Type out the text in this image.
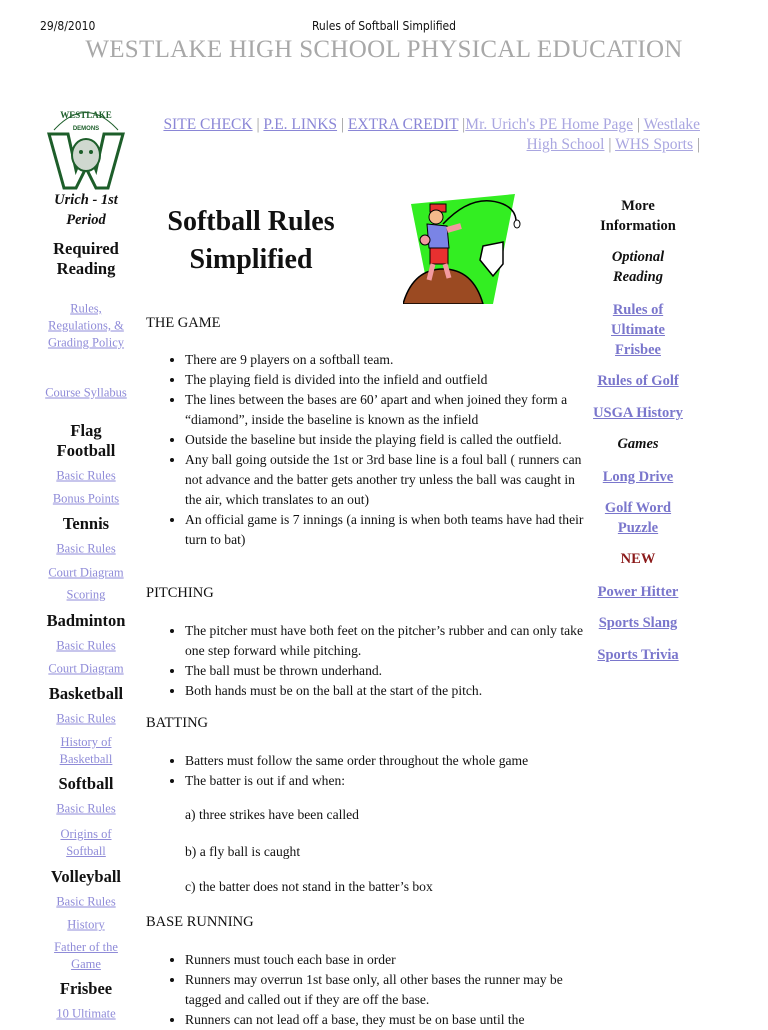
29/8/2010	Rules of Softball Simplified
WESTLAKE HIGH SCHOOL PHYSICAL EDUCATION
WESTLAKE
DEMONS	SITE CHECK | P.E. LINKS | EXTRA CREDIT |Mr. Urich's PE Home Page | Westlake High School | WHS Sports |
Urich - 1st Period
Required Reading
Rules, Regulations, & Grading Policy
Course Syllabus
Flag Football
Basic Rules
Bonus Points
Tennis
Basic Rules
Court Diagram
Scoring
Badminton
Basic Rules
Court Diagram
Basketball
Basic Rules
History of Basketball
Softball
Basic Rules
Origins of Softball
Volleyball
Basic Rules
History
Father of the Game
Frisbee
10 Ultimate
Softball Rules
Simplified
THE GAME
• There are 9 players on a softball team.
• The playing field is divided into the infield and outfield
• The lines between the bases are 60’ apart and when joined they form a “diamond”, inside the baseline is known as the infield
• Outside the baseline but inside the playing field is called the outfield.
• Any ball going outside the 1st or 3rd base line is a foul ball ( runners can not advance and the batter gets another try unless the ball was caught in the air, which translates to an out)
• An official game is 7 innings (a inning is when both teams have had their turn to bat)
PITCHING
• The pitcher must have both feet on the pitcher’s rubber and can only take one step forward while pitching.
• The ball must be thrown underhand.
• Both hands must be on the ball at the start of the pitch.
BATTING
• Batters must follow the same order throughout the whole game
• The batter is out if and when:
a) three strikes have been called
b) a fly ball is caught
c) the batter does not stand in the batter’s box
BASE RUNNING
• Runners must touch each base in order
• Runners may overrun 1st base only, all other bases the runner may be tagged and called out if they are off the base.
• Runners can not lead off a base, they must be on base until the
More Information
Optional Reading
Rules of Ultimate Frisbee
Rules of Golf
USGA History
Games
Long Drive
Golf Word Puzzle
NEW
Power Hitter
Sports Slang
Sports Trivia
